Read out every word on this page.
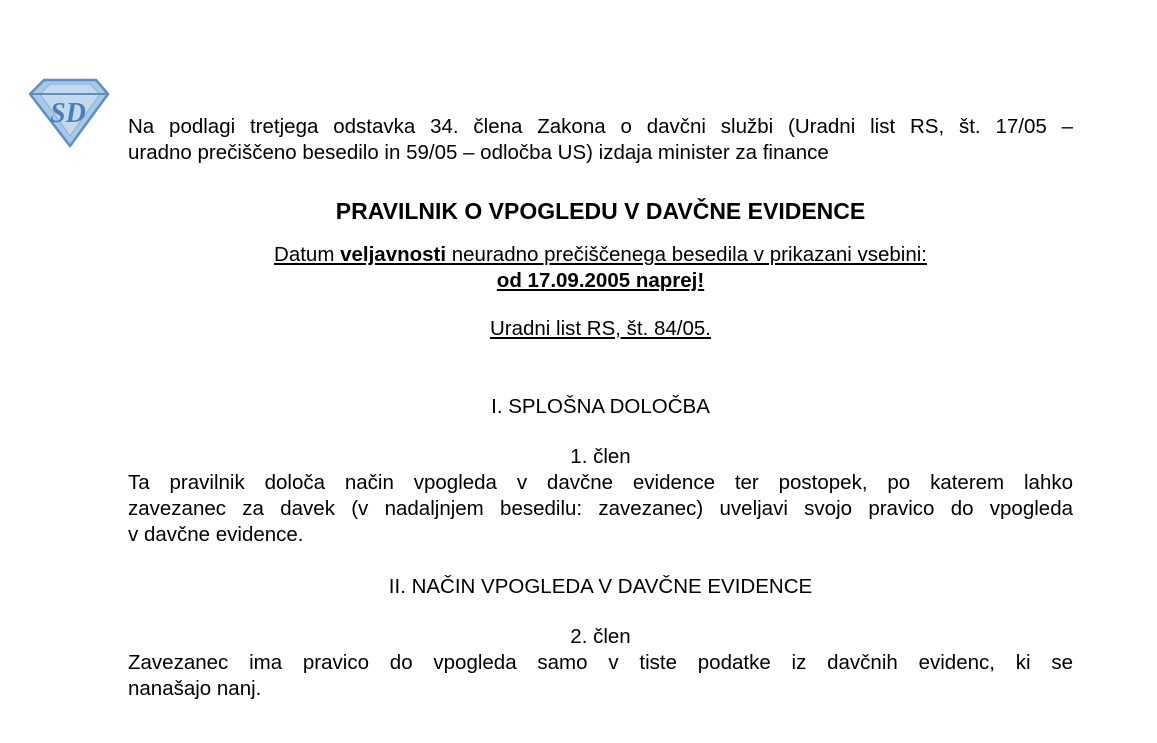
SD Na podlagi tretjega odstavka 34. člena Zakona o davčni službi (Uradni list RS, št. 17/05 –
uradno prečiščeno besedilo in 59/05 – odločba US) izdaja minister za finance

PRAVILNIK O VPOGLEDU V DAVČNE EVIDENCE

Datum veljavnosti neuradno prečiščenega besedila v prikazani vsebini:
od 17.09.2005 naprej!

Uradni list RS, št. 84/05.

I. SPLOŠNA DOLOČBA

1. člen

Ta pravilnik določa način vpogleda v davčne evidence ter postopek, po katerem lahko
zavezanec za davek (v nadaljnjem besedilu: zavezanec) uveljavi svojo pravico do vpogleda
v davčne evidence.

II. NAČIN VPOGLEDA V DAVČNE EVIDENCE

2. člen

Zavezanec ima pravico do vpogleda samo v tiste podatke iz davčnih evidenc, ki se
nanašajo nanj.
